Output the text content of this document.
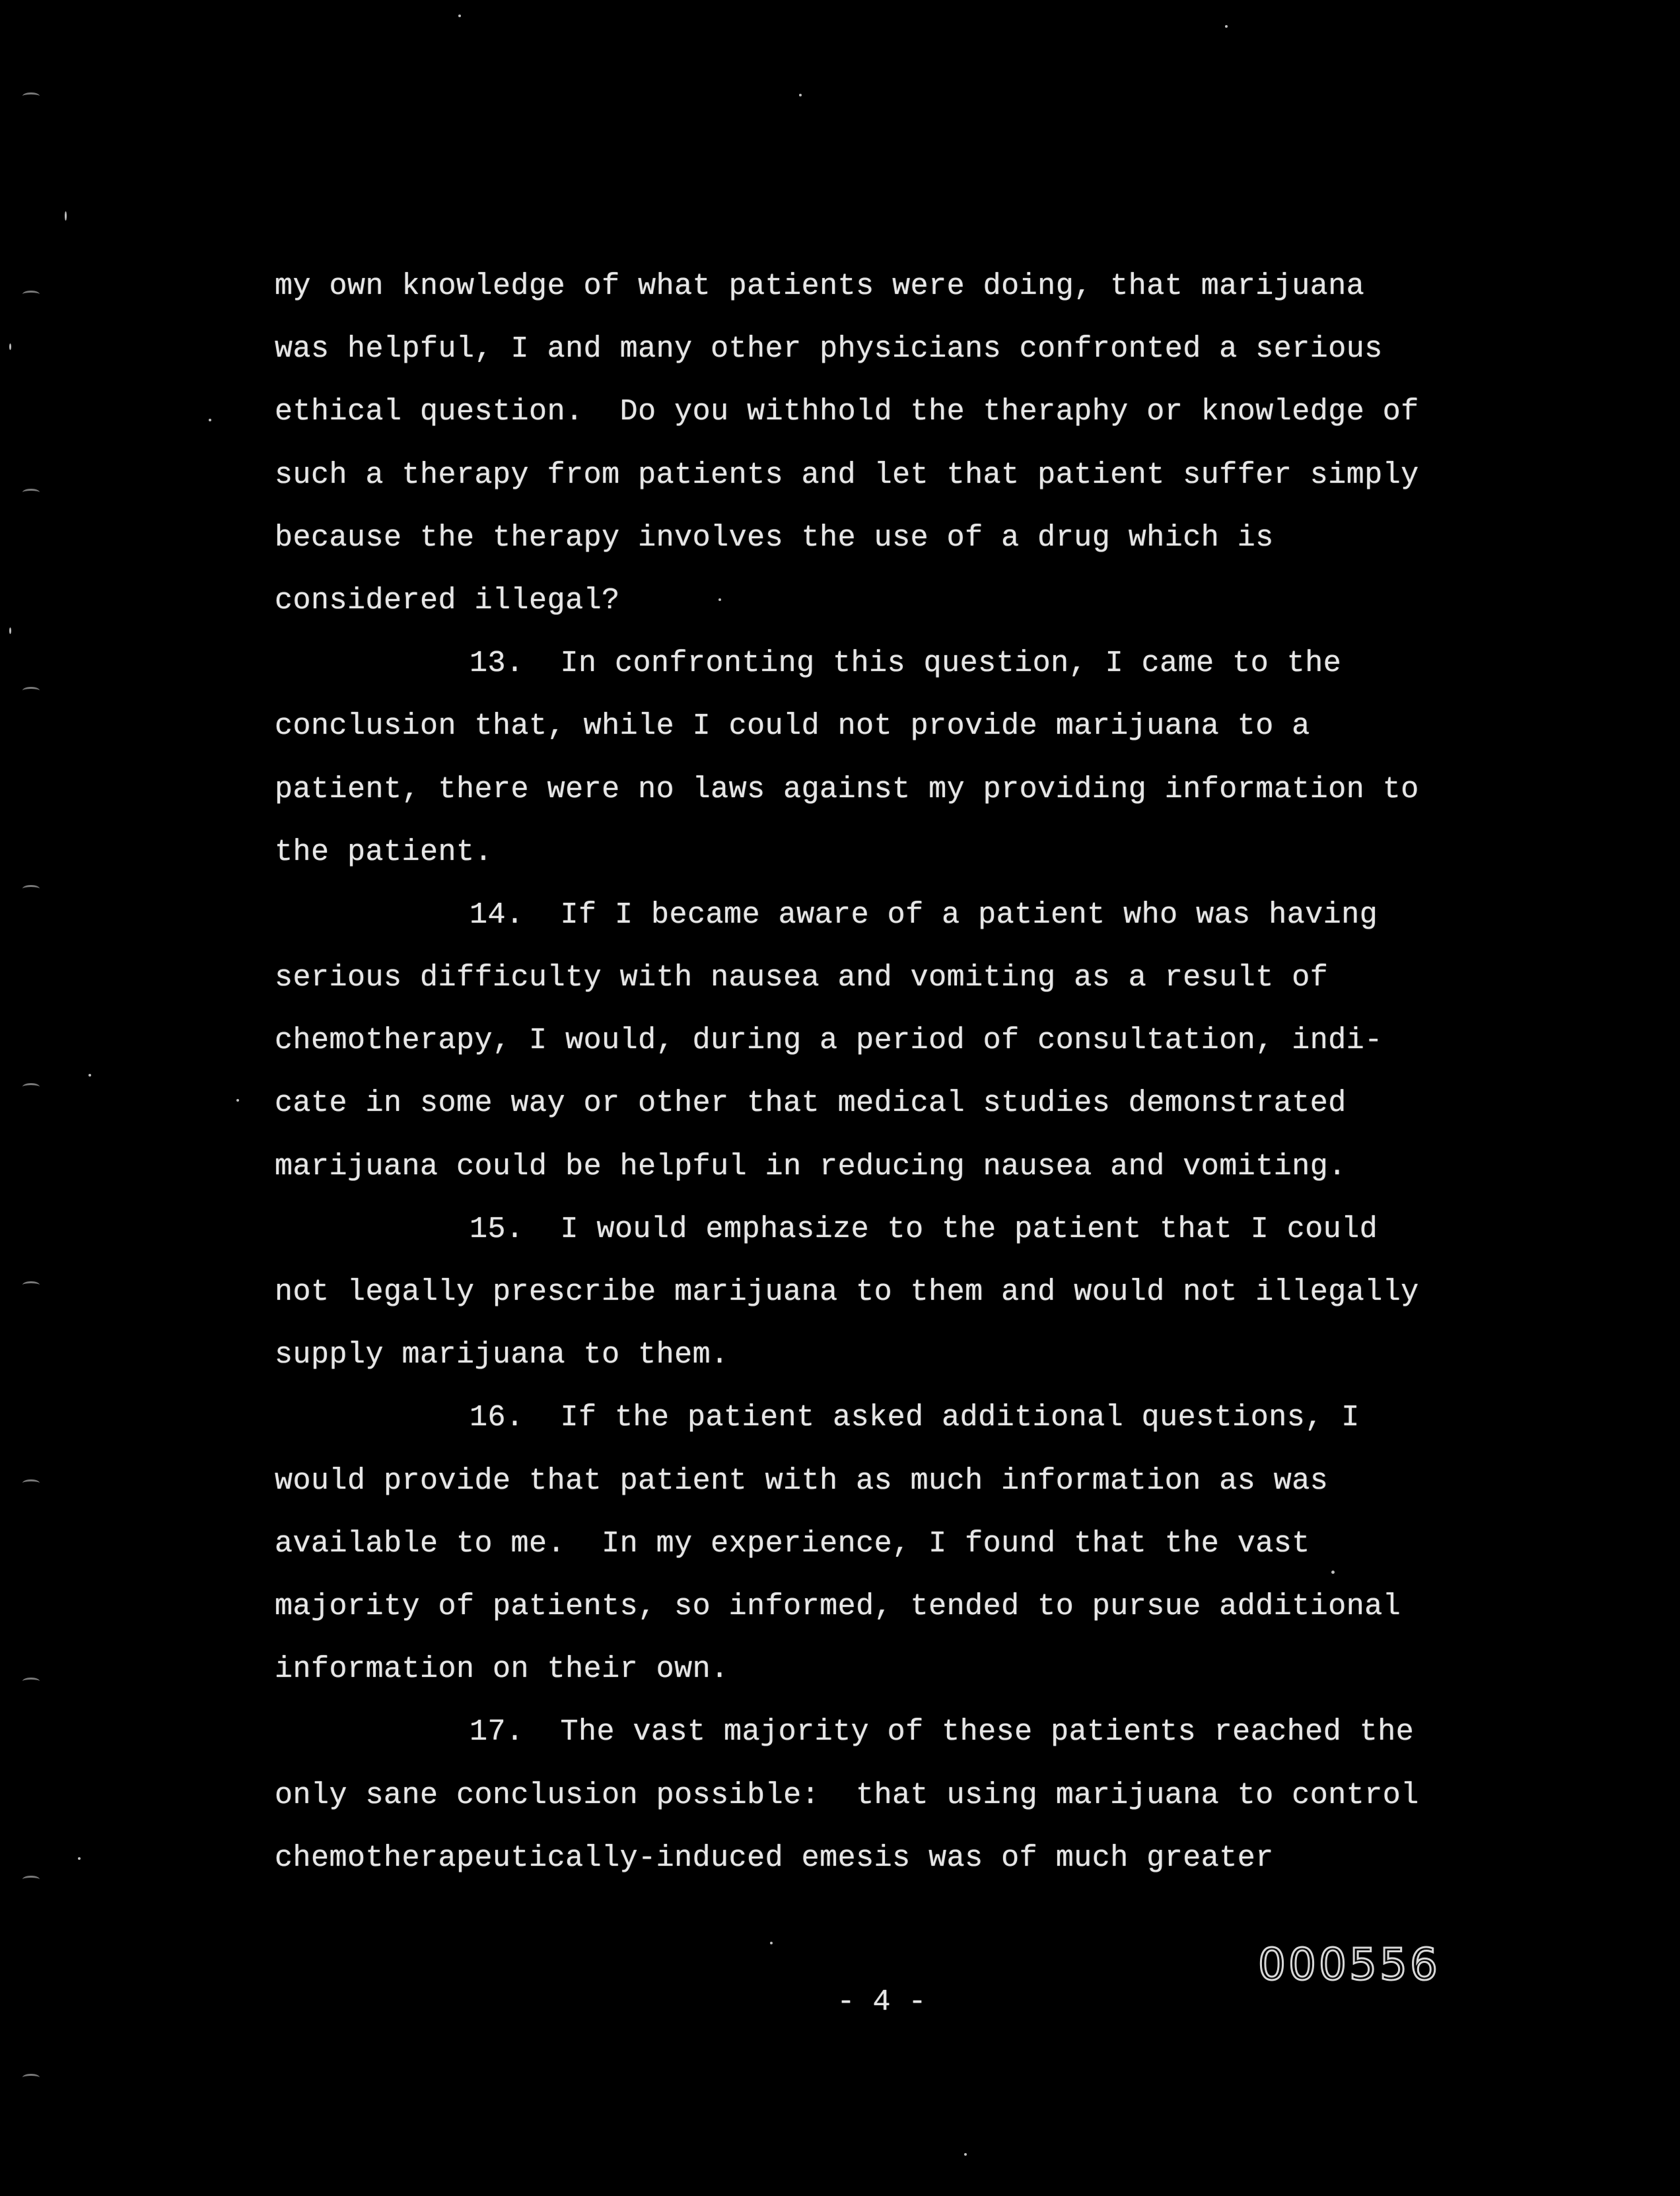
my own knowledge of what patients were doing, that marijuana
was helpful, I and many other physicians confronted a serious
ethical question.  Do you withhold the theraphy or knowledge of
such a therapy from patients and let that patient suffer simply
because the therapy involves the use of a drug which is
considered illegal?
13.  In confronting this question, I came to the
conclusion that, while I could not provide marijuana to a
patient, there were no laws against my providing information to
the patient.
14.  If I became aware of a patient who was having
serious difficulty with nausea and vomiting as a result of
chemotherapy, I would, during a period of consultation, indi-
cate in some way or other that medical studies demonstrated
marijuana could be helpful in reducing nausea and vomiting.
15.  I would emphasize to the patient that I could
not legally prescribe marijuana to them and would not illegally
supply marijuana to them.
16.  If the patient asked additional questions, I
would provide that patient with as much information as was
available to me.  In my experience, I found that the vast
majority of patients, so informed, tended to pursue additional
information on their own.
17.  The vast majority of these patients reached the
only sane conclusion possible:  that using marijuana to control
chemotherapeutically-induced emesis was of much greater
000556
- 4 -
